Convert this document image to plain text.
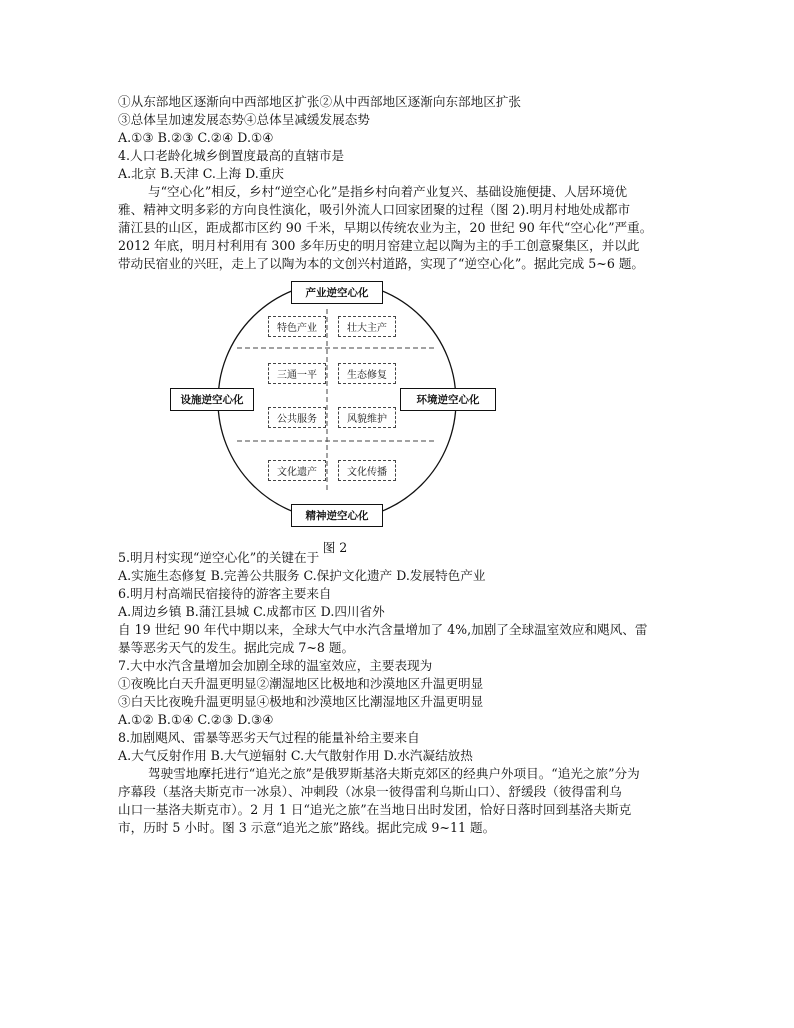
①从东部地区逐渐向中西部地区扩张②从中西部地区逐渐向东部地区扩张
③总体呈加速发展态势④总体呈减缓发展态势
A.①③ B.②③ C.②④ D.①④
4.人口老龄化城乡倒置度最高的直辖市是
A.北京 B.天津 C.上海 D.重庆
与“空心化”相反，乡村“逆空心化”是指乡村向着产业复兴、基础设施便捷、人居环境优
雅、精神文明多彩的方向良性演化，吸引外流人口回家团聚的过程（图 2).明月村地处成都市
蒲江县的山区，距成都市区约 90 千米，早期以传统农业为主，20 世纪 90 年代“空心化”严重。
2012 年底，明月村利用有 300 多年历史的明月窑建立起以陶为主的手工创意聚集区，并以此
带动民宿业的兴旺，走上了以陶为本的文创兴村道路，实现了“逆空心化”。据此完成 5~6 题。
产业逆空心化
设施逆空心化	环境逆空心化
精神逆空心化
特色产业	壮大主产
三通一平	生态修复
公共服务	风貌维护
文化遗产	文化传播
图 2
5.明月村实现“逆空心化”的关键在于
A.实施生态修复 B.完善公共服务 C.保护文化遗产 D.发展特色产业
6.明月村高端民宿接待的游客主要来自
A.周边乡镇 B.蒲江县城 C.成都市区 D.四川省外
自 19 世纪 90 年代中期以来，全球大气中水汽含量增加了 4%,加剧了全球温室效应和飓风、雷
暴等恶劣天气的发生。据此完成 7~8 题。
7.大中水汽含量增加会加剧全球的温室效应，主要表现为
①夜晚比白天升温更明显②潮湿地区比极地和沙漠地区升温更明显
③白天比夜晚升温更明显④极地和沙漠地区比潮湿地区升温更明显
A.①② B.①④ C.②③ D.③④
8.加剧飓风、雷暴等恶劣天气过程的能量补给主要来自
A.大气反射作用 B.大气逆辐射 C.大气散射作用 D.水汽凝结放热
驾驶雪地摩托进行“追光之旅”是俄罗斯基洛夫斯克郊区的经典户外项目。“追光之旅”分为
序幕段（基洛夫斯克市一冰泉）、冲刺段（冰泉一彼得雷利乌斯山口）、舒缓段（彼得雷利乌
山口一基洛夫斯克市）。2 月 1 日“追光之旅”在当地日出时发团，恰好日落时回到基洛夫斯克
市，历时 5 小时。图 3 示意“追光之旅”路线。据此完成 9~11 题。
